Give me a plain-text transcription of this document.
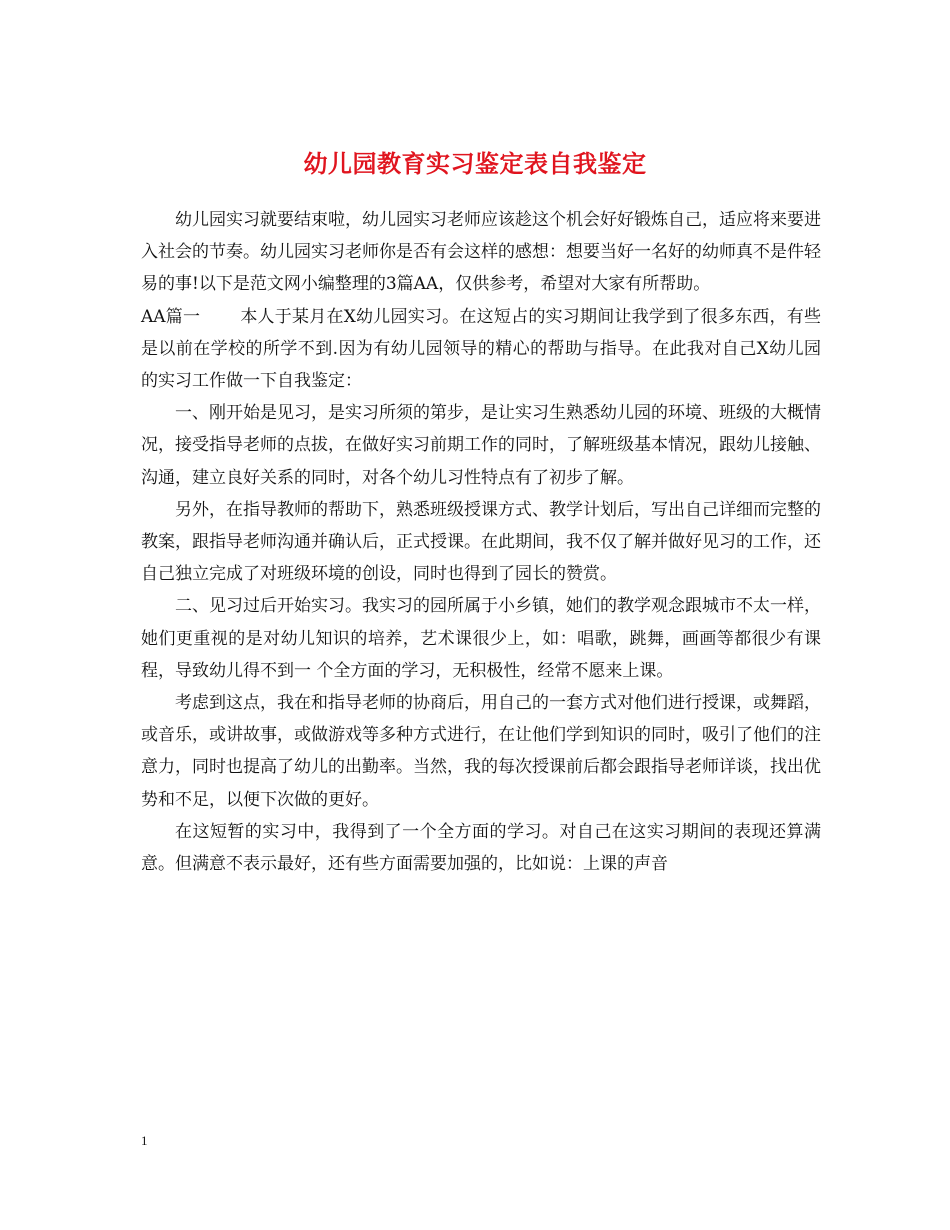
幼儿园教育实习鉴定表自我鉴定

幼儿园实习就要结束啦，幼儿园实习老师应该趁这个机会好好锻炼自己，适应将来要进入社会的节奏。幼儿园实习老师你是否有会这样的感想：想要当好一名好的幼师真不是件轻易的事!以下是范文网小编整理的3篇AA，仅供参考，希望对大家有所帮助。

AA篇一　　 本人于某月在X幼儿园实习。在这短占的实习期间让我学到了很多东西，有些是以前在学校的所学不到.因为有幼儿园领导的精心的帮助与指导。在此我对自己X幼儿园的实习工作做一下自我鉴定：

一、刚开始是见习，是实习所须的第步，是让实习生熟悉幼儿园的环境、班级的大概情况，接受指导老师的点拔，在做好实习前期工作的同时，了解班级基本情况，跟幼儿接触、沟通，建立良好关系的同时，对各个幼儿习性特点有了初步了解。

另外，在指导教师的帮助下，熟悉班级授课方式、教学计划后，写出自己详细而完整的教案，跟指导老师沟通并确认后，正式授课。在此期间，我不仅了解并做好见习的工作，还自己独立完成了对班级环境的创设，同时也得到了园长的赞赏。

二、见习过后开始实习。我实习的园所属于小乡镇，她们的教学观念跟城市不太一样，她们更重视的是对幼儿知识的培养，艺术课很少上，如：唱歌，跳舞，画画等都很少有课程，导致幼儿得不到一 个全方面的学习，无积极性，经常不愿来上课。

考虑到这点，我在和指导老师的协商后，用自己的一套方式对他们进行授课，或舞蹈，或音乐，或讲故事，或做游戏等多种方式进行，在让他们学到知识的同时，吸引了他们的注意力，同时也提高了幼儿的出勤率。当然，我的每次授课前后都会跟指导老师详谈，找出优势和不足，以便下次做的更好。

在这短暂的实习中，我得到了一个全方面的学习。对自己在这实习期间的表现还算满意。但满意不表示最好，还有些方面需要加强的，比如说：上课的声音

1
